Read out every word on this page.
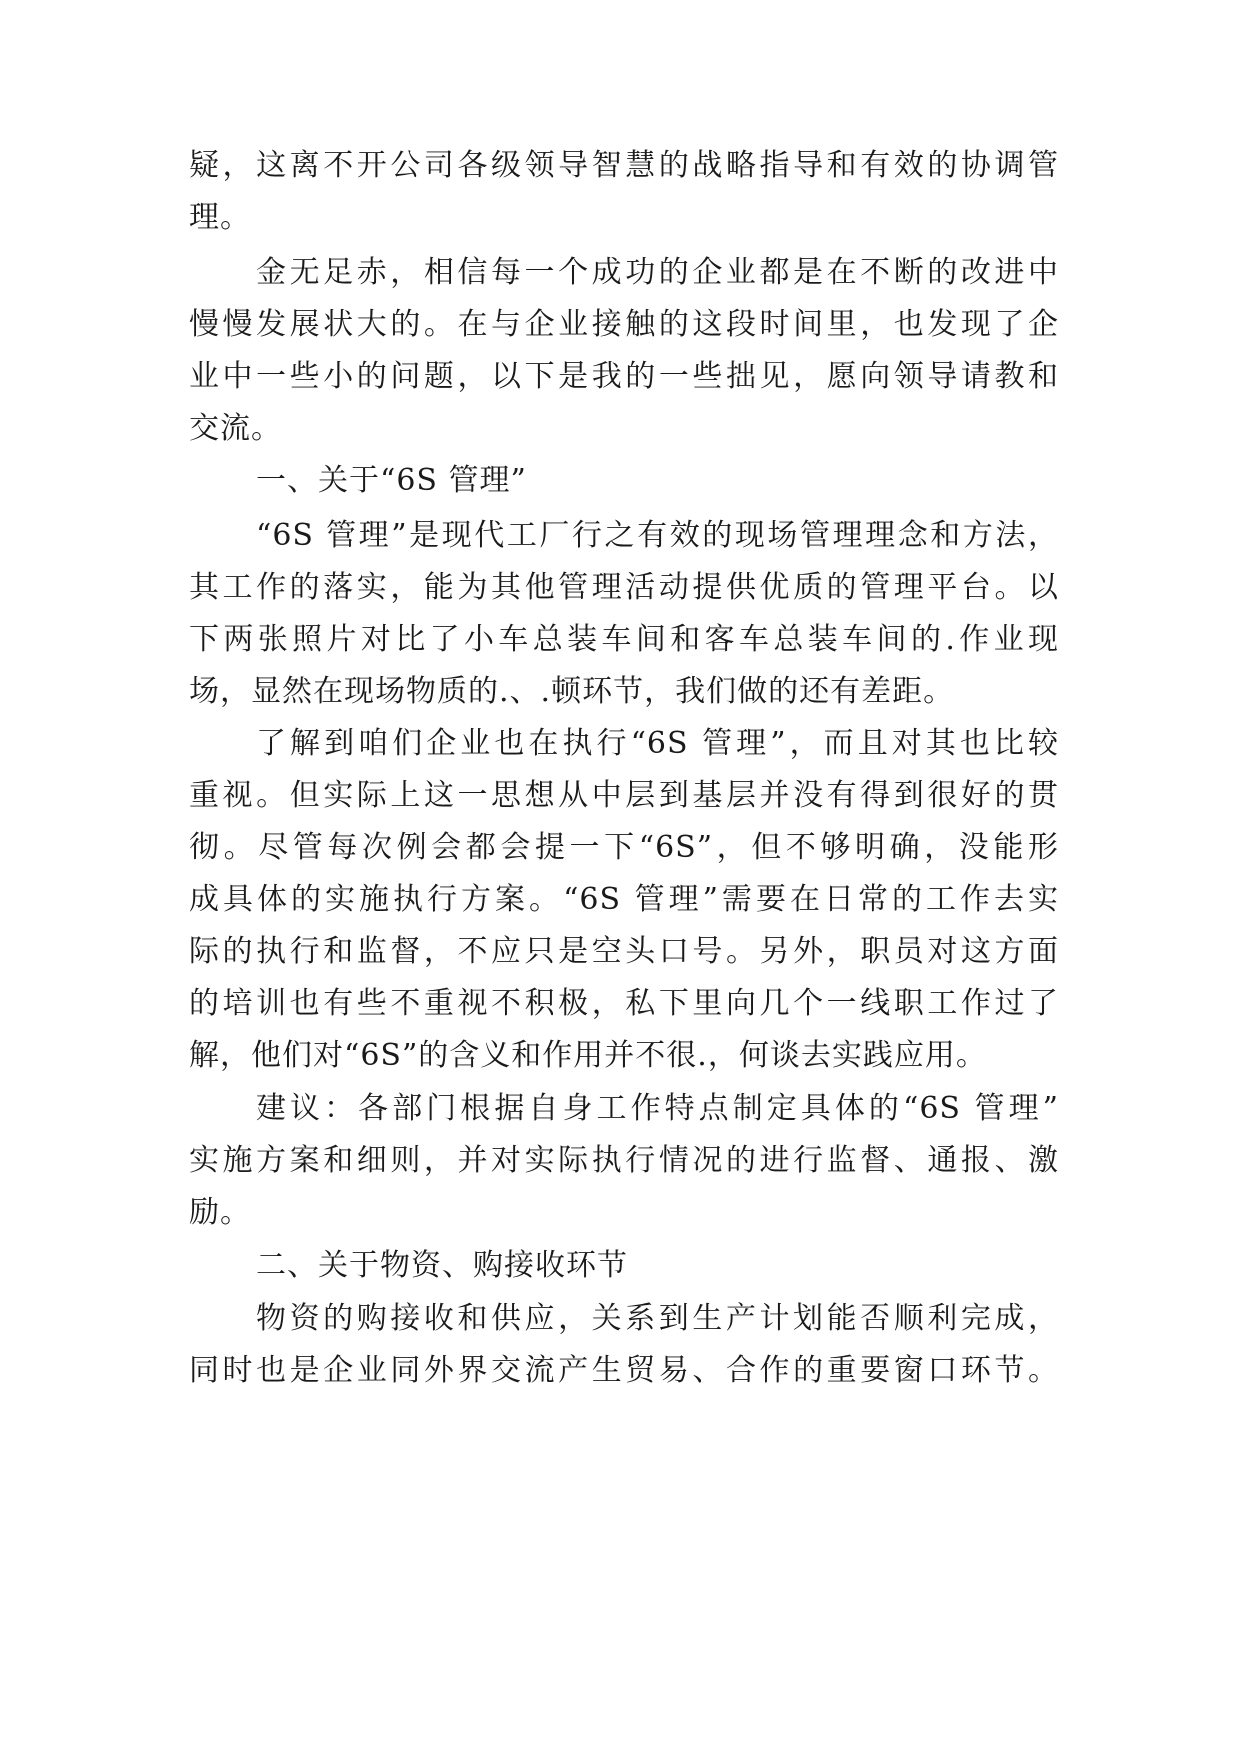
疑，这离不开公司各级领导智慧的战略指导和有效的协调管
理。
金无足赤，相信每一个成功的企业都是在不断的改进中
慢慢发展状大的。在与企业接触的这段时间里，也发现了企
业中一些小的问题，以下是我的一些拙见，愿向领导请教和
交流。
一、关于“6S 管理”
“6S 管理”是现代工厂行之有效的现场管理理念和方法，
其工作的落实，能为其他管理活动提供优质的管理平台。以
下两张照片对比了小车总装车间和客车总装车间的.作业现
场，显然在现场物质的.、.顿环节，我们做的还有差距。
了解到咱们企业也在执行“6S 管理”，而且对其也比较
重视。但实际上这一思想从中层到基层并没有得到很好的贯
彻。尽管每次例会都会提一下“6S”，但不够明确，没能形
成具体的实施执行方案。“6S 管理”需要在日常的工作去实
际的执行和监督，不应只是空头口号。另外，职员对这方面
的培训也有些不重视不积极，私下里向几个一线职工作过了
解，他们对“6S”的含义和作用并不很.，何谈去实践应用。
建议：各部门根据自身工作特点制定具体的“6S 管理”
实施方案和细则，并对实际执行情况的进行监督、通报、激
励。
二、关于物资、购接收环节
物资的购接收和供应，关系到生产计划能否顺利完成，
同时也是企业同外界交流产生贸易、合作的重要窗口环节。
